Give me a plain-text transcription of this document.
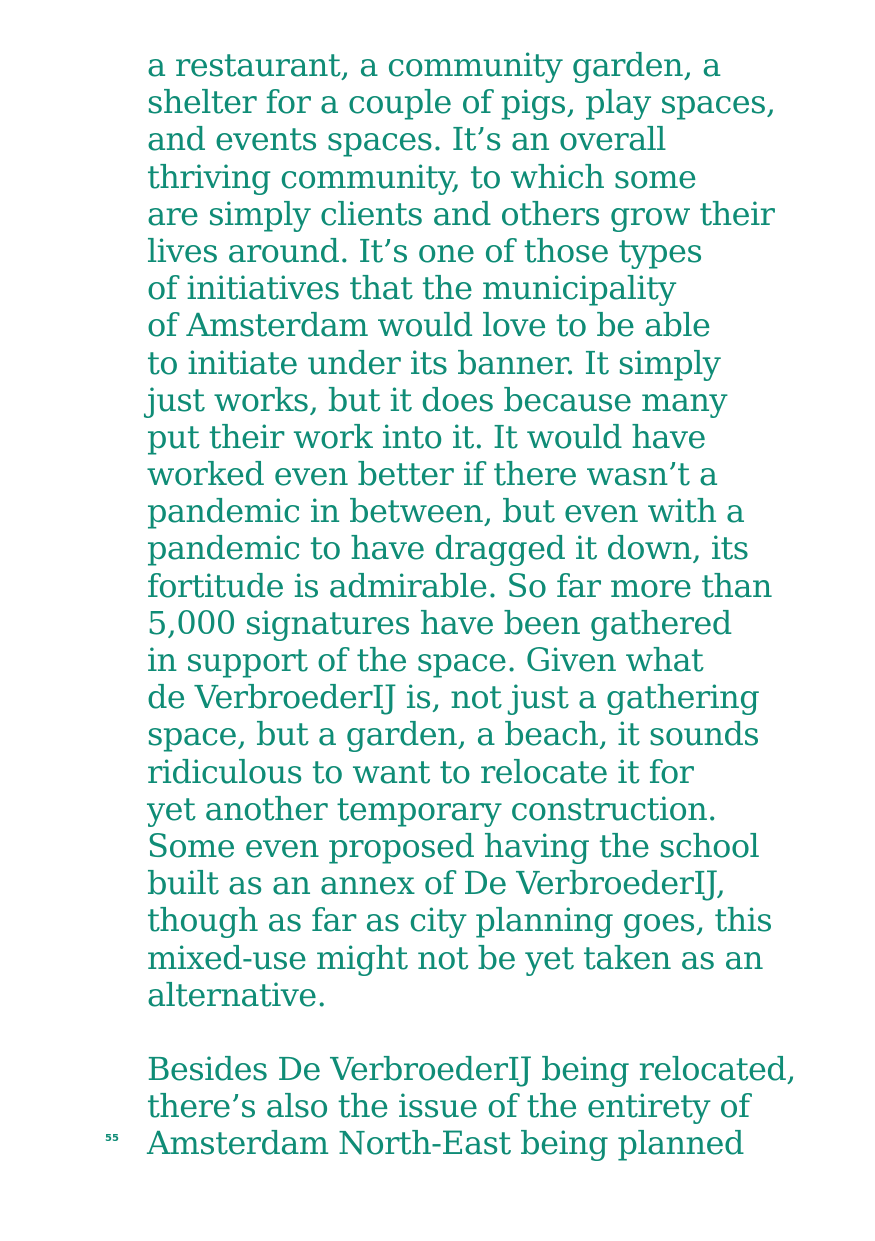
a restaurant, a community garden, a
shelter for a couple of pigs, play spaces,
and events spaces. It’s an overall
thriving community, to which some
are simply clients and others grow their
lives around. It’s one of those types
of initiatives that the municipality
of Amsterdam would love to be able
to initiate under its banner. It simply
just works, but it does because many
put their work into it. It would have
worked even better if there wasn’t a
pandemic in between, but even with a
pandemic to have dragged it down, its
fortitude is admirable. So far more than
5,000 signatures have been gathered
in support of the space. Given what
de VerbroederIJ is, not just a gathering
space, but a garden, a beach, it sounds
ridiculous to want to relocate it for
yet another temporary construction.
Some even proposed having the school
built as an annex of De VerbroederIJ,
though as far as city planning goes, this
mixed-use might not be yet taken as an
alternative.

Besides De VerbroederIJ being relocated,
there’s also the issue of the entirety of
Amsterdam North-East being planned

55
